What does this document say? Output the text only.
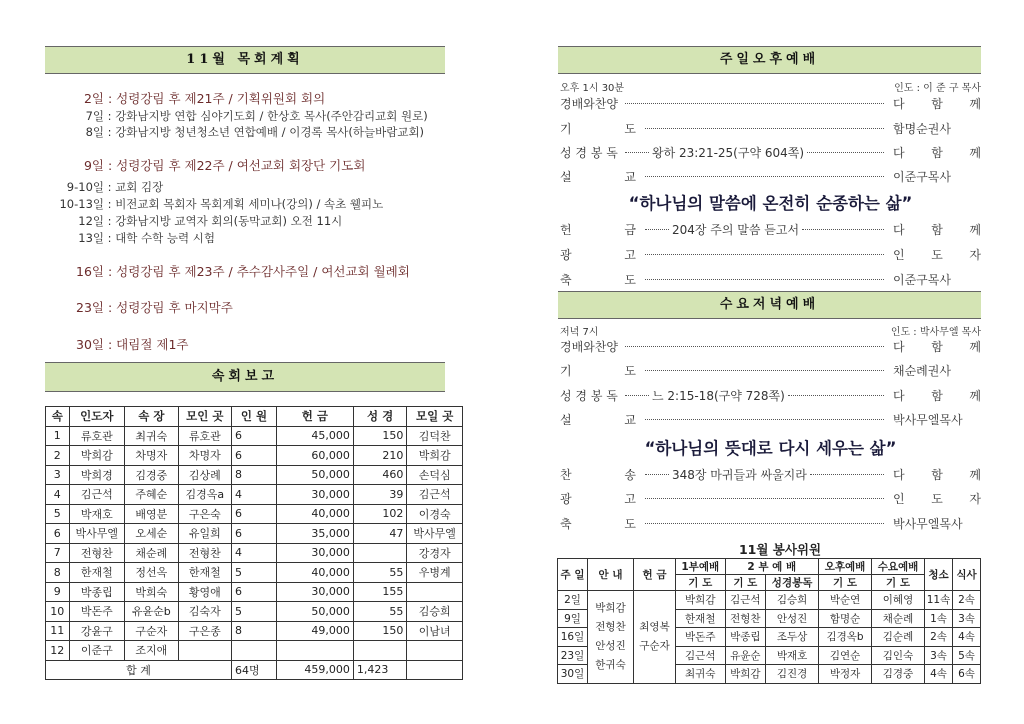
11월 목회계획
2일 : 성령강림 후 제21주 / 기획위원회 회의
7일 : 강화남지방 연합 심야기도회 / 한상호 목사(주안감리교회 원로)
8일 : 강화남지방 청년청소년 연합예배 / 이경록 목사(하늘바람교회)
9일 : 성령강림 후 제22주 / 여선교회 회장단 기도회
9-10일 : 교회 김장
10-13일 : 비전교회 목회자 목회계획 세미나(강의) / 속초 웰피노
12일 : 강화남지방 교역자 회의(동막교회) 오전 11시
13일 : 대학 수학 능력 시험
16일 : 성령강림 후 제23주 / 추수감사주일 / 여선교회 월례회
23일 : 성령강림 후 마지막주
30일 : 대림절 제1주
속회보고
속	인도자	속 장	모인 곳	인 원	헌 금	성 경	모일 곳
1	류호관	최귀숙	류호관	6	45,000	150	김덕찬
2	박희감	차명자	차명자	6	60,000	210	박희감
3	박희경	김경중	김상례	8	50,000	460	손덕심
4	김근석	주혜순	김경옥a	4	30,000	39	김근석
5	박재호	배영분	구은숙	6	40,000	102	이경숙
6	박사무엘	오세순	유일희	6	35,000	47	박사무엘
7	전형찬	채순례	전형찬	4	30,000		강경자
8	한재철	정선옥	한재철	5	40,000	55	우병계
9	박종립	박희숙	황영애	6	30,000	155	
10	박돈주	유윤순b	김숙자	5	50,000	55	김승희
11	강윤구	구순자	구은종	8	49,000	150	이남녀
12	이준구	조지애					
합 계				64명	459,000	1,423	
주일오후예배
오후 1시 30분	인도 : 이 준 구 목사
경배와찬양	다 함 께
기 도	함명순권사
성 경 봉 독	왕하 23:21-25(구약 604쪽)	다 함 께
설 교	이준구목사
“하나님의 말씀에 온전히 순종하는 삶”
헌 금	204장 주의 말씀 듣고서	다 함 께
광 고	인 도 자
축 도	이준구목사
수요저녁예배
저녁 7시	인도 : 박사무엘 목사
경배와찬양	다 함 께
기 도	채순례권사
성 경 봉 독	느 2:15-18(구약 728쪽)	다 함 께
설 교	박사무엘목사
“하나님의 뜻대로 다시 세우는 삶”
찬 송	348장 마귀들과 싸울지라	다 함 께
광 고	인 도 자
축 도	박사무엘목사
11월 봉사위원
주 일	안 내	헌 금	1부예배	2 부 예 배		오후예배	수요예배	청소	식사
			기 도	기 도	성경봉독	기 도	기 도		
2일	박희감 전형찬 안성진 한귀숙	최영복 구순자	박희감	김근석	김승희	박순연	이혜영	11속	2속
9일			한재철	전형찬	안성진	함명순	채순례	1속	3속
16일			박돈주	박종립	조두상	김경옥b	김순례	2속	4속
23일			김근석	유윤순	박재호	김연순	김인숙	3속	5속
30일			최귀숙	박희감	김진경	박정자	김경중	4속	6속
